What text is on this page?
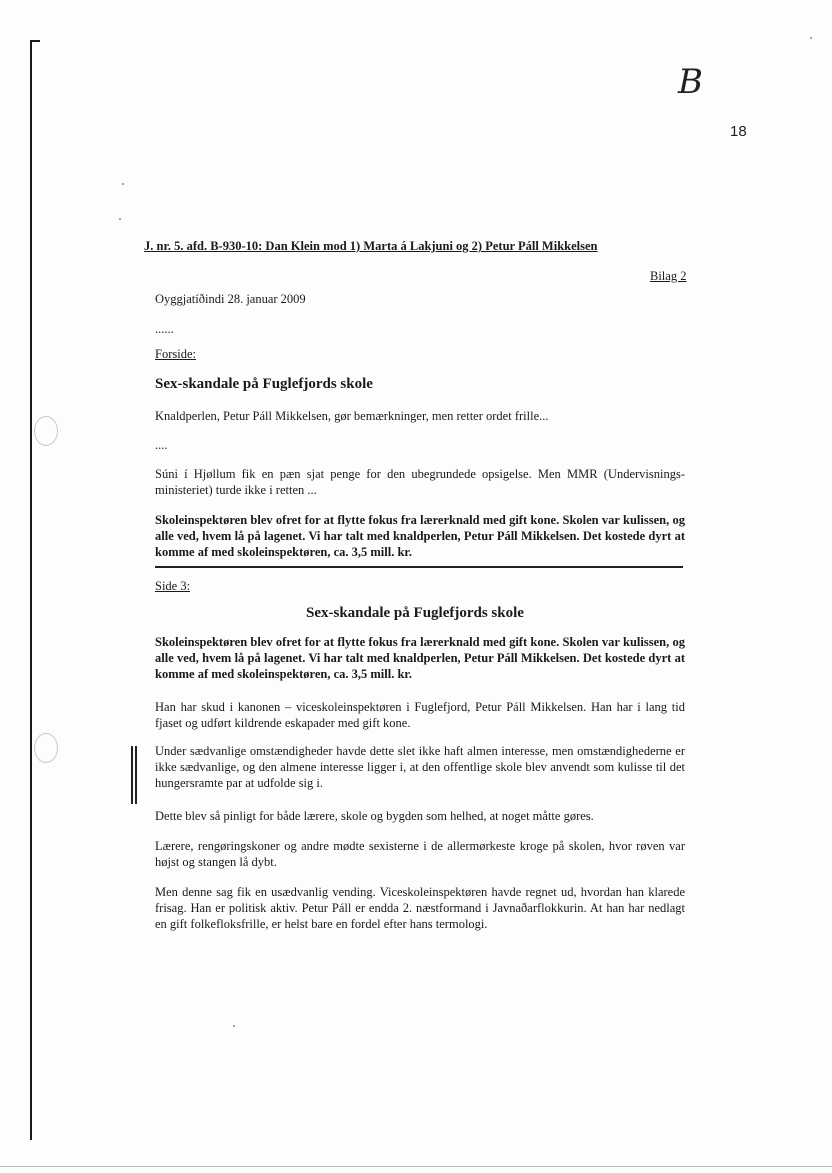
B
18
J. nr. 5. afd. B-930-10: Dan Klein mod 1) Marta á Lakjuni og 2) Petur Páll Mikkelsen
Bilag 2
Oyggjatíðindi 28. januar 2009
......
Forside:
Sex-skandale på Fuglefjords skole
Knaldperlen, Petur Páll Mikkelsen, gør bemærkninger, men retter ordet frille...
....
Súni í Hjøllum fik en pæn sjat penge for den ubegrundede opsigelse. Men MMR (Undervisnings-ministeriet) turde ikke i retten ...
Skoleinspektøren blev ofret for at flytte fokus fra lærerknald med gift kone. Skolen var kulissen, og alle ved, hvem lå på lagenet. Vi har talt med knaldperlen, Petur Páll Mikkelsen. Det kostede dyrt at komme af med skoleinspektøren, ca. 3,5 mill. kr.
Side 3:
Sex-skandale på Fuglefjords skole
Skoleinspektøren blev ofret for at flytte fokus fra lærerknald med gift kone. Skolen var kulissen, og alle ved, hvem lå på lagenet. Vi har talt med knaldperlen, Petur Páll Mikkelsen. Det kostede dyrt at komme af med skoleinspektøren, ca. 3,5 mill. kr.
Han har skud i kanonen – viceskoleinspektøren i Fuglefjord, Petur Páll Mikkelsen. Han har i lang tid fjaset og udført kildrende eskapader med gift kone.
Under sædvanlige omstændigheder havde dette slet ikke haft almen interesse, men omstændighederne er ikke sædvanlige, og den almene interesse ligger i, at den offentlige skole blev anvendt som kulisse til det hungersramte par at udfolde sig i.
Dette blev så pinligt for både lærere, skole og bygden som helhed, at noget måtte gøres.
Lærere, rengøringskoner og andre mødte sexisterne i de allermørkeste kroge på skolen, hvor røven var højst og stangen lå dybt.
Men denne sag fik en usædvanlig vending. Viceskoleinspektøren havde regnet ud, hvordan han klarede frisag. Han er politisk aktiv. Petur Páll er endda 2. næstformand i Javnaðarflokkurin. At han har nedlagt en gift folkefloksfrille, er helst bare en fordel efter hans termologi.
